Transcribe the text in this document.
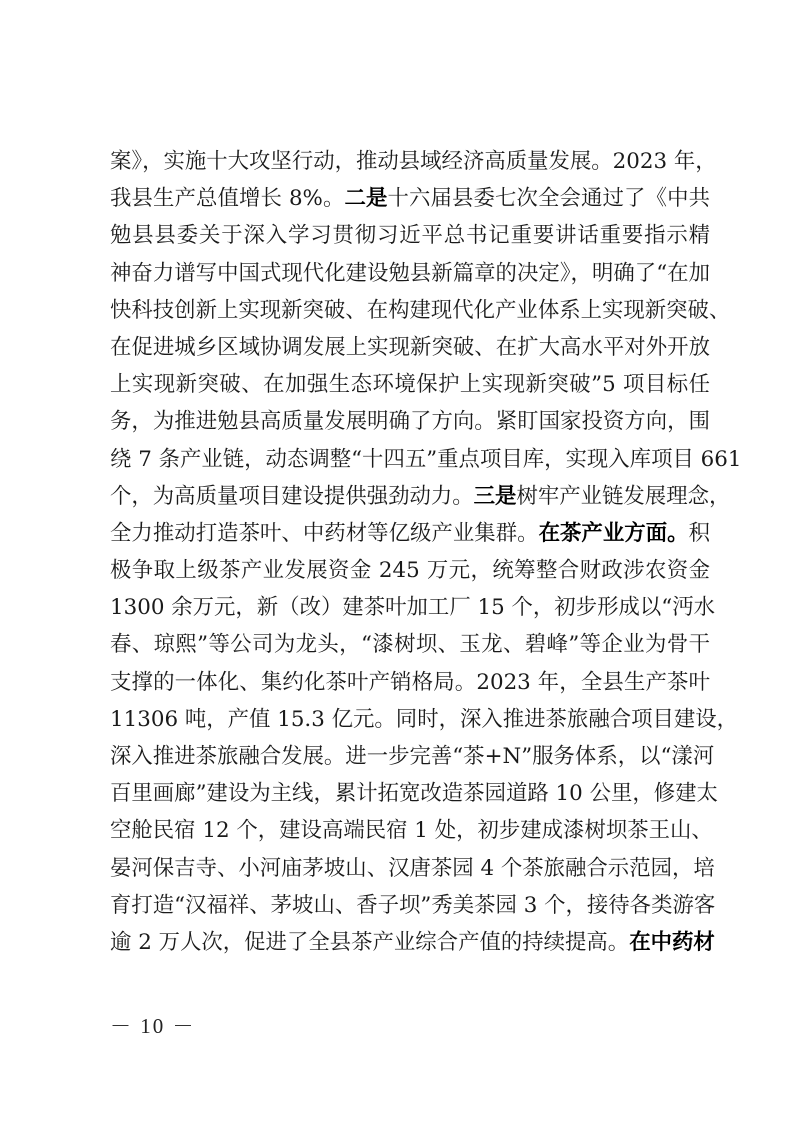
案》，实施十大攻坚行动，推动县域经济高质量发展。2023 年，
我县生产总值增长 8%。二是十六届县委七次全会通过了《中共
勉县县委关于深入学习贯彻习近平总书记重要讲话重要指示精
神奋力谱写中国式现代化建设勉县新篇章的决定》，明确了“在加
快科技创新上实现新突破、在构建现代化产业体系上实现新突破、
在促进城乡区域协调发展上实现新突破、在扩大高水平对外开放
上实现新突破、在加强生态环境保护上实现新突破”5 项目标任
务，为推进勉县高质量发展明确了方向。紧盯国家投资方向，围
绕 7 条产业链，动态调整“十四五”重点项目库，实现入库项目 661
个，为高质量项目建设提供强劲动力。三是树牢产业链发展理念，
全力推动打造茶叶、中药材等亿级产业集群。在茶产业方面。积
极争取上级茶产业发展资金 245 万元，统筹整合财政涉农资金
1300 余万元，新（改）建茶叶加工厂 15 个，初步形成以“沔水
春、琼熙”等公司为龙头，“漆树坝、玉龙、碧峰”等企业为骨干
支撑的一体化、集约化茶叶产销格局。2023 年，全县生产茶叶
11306 吨，产值 15.3 亿元。同时，深入推进茶旅融合项目建设，
深入推进茶旅融合发展。进一步完善“茶+N”服务体系，以“漾河
百里画廊”建设为主线，累计拓宽改造茶园道路 10 公里，修建太
空舱民宿 12 个，建设高端民宿 1 处，初步建成漆树坝茶王山、
晏河保吉寺、小河庙茅坡山、汉唐茶园 4 个茶旅融合示范园，培
育打造“汉福祥、茅坡山、香子坝”秀美茶园 3 个，接待各类游客
逾 2 万人次，促进了全县茶产业综合产值的持续提高。在中药材
－ 10 －
